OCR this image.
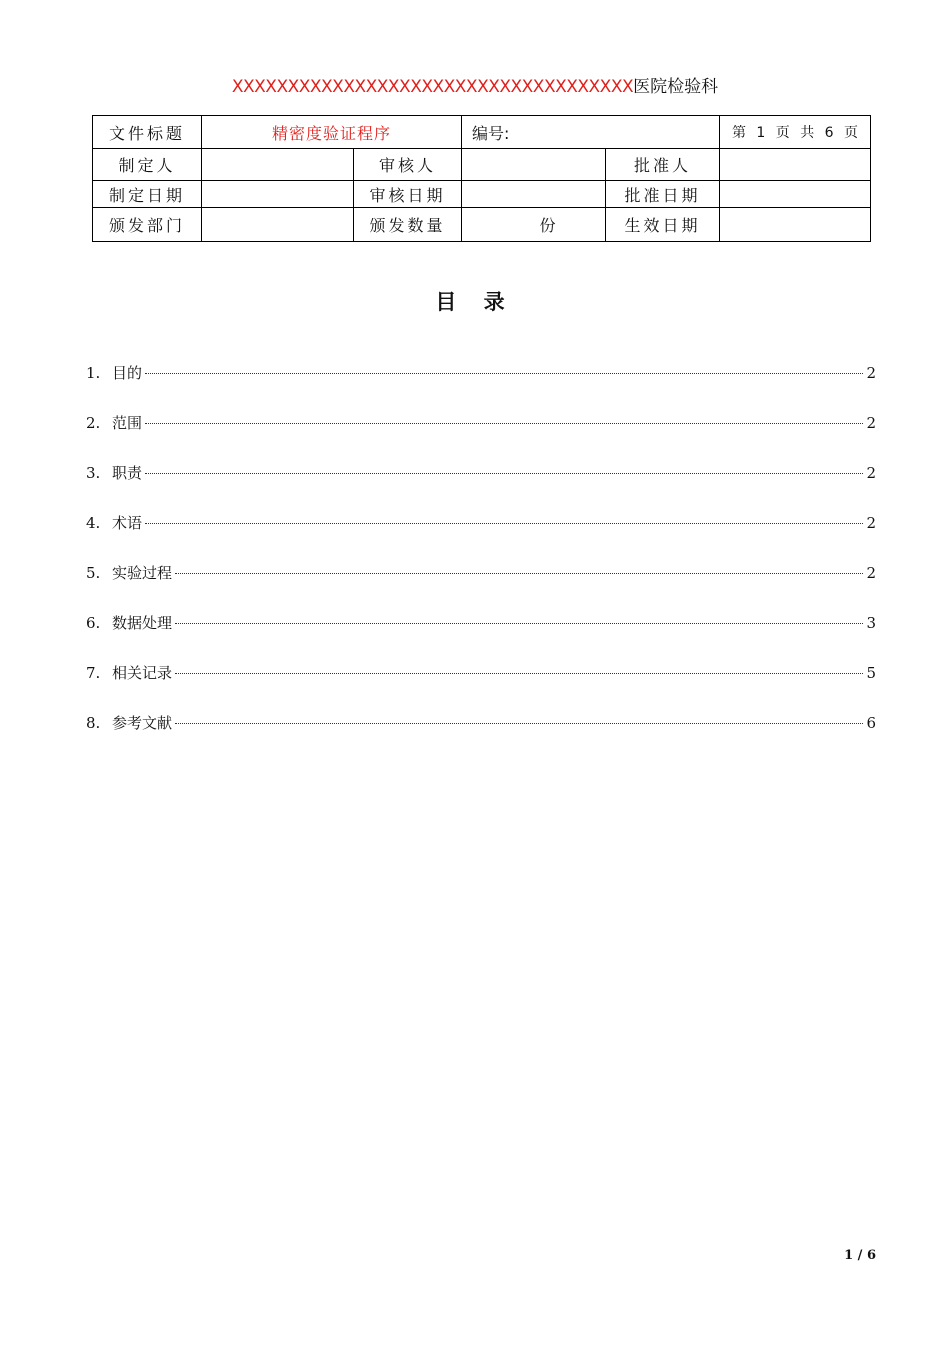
XXXXXXXXXXXXXXXXXXXXXXXXXXXXXXXXXXXX医院检验科
文件标题	精密度验证程序		编号:		第 1 页 共 6 页
制定人		审核人		批准人	
制定日期		审核日期		批准日期	
颁发部门		颁发数量	份	生效日期	
目 录
1. 目的	2
2. 范围	2
3. 职责	2
4. 术语	2
5. 实验过程	2
6. 数据处理	3
7. 相关记录	5
8. 参考文献	6
1 / 6
